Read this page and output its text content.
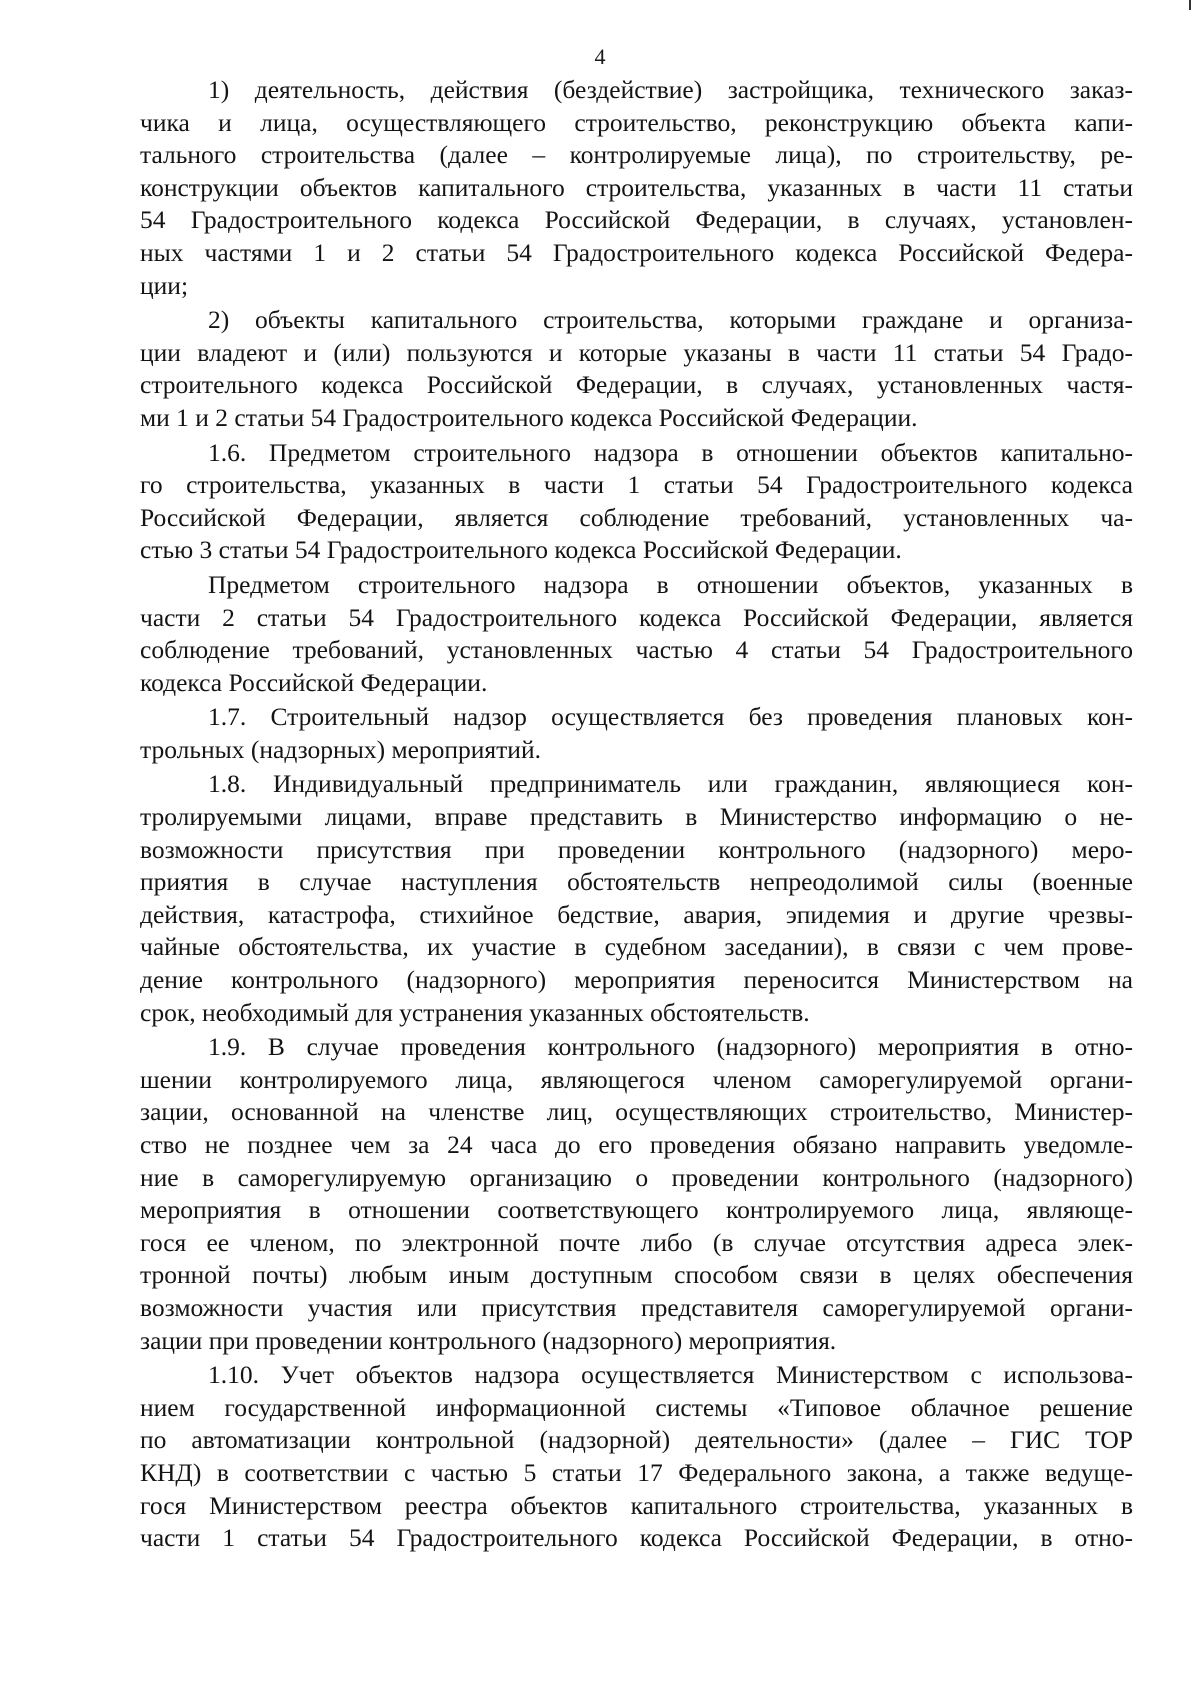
4
1) деятельность, действия (бездействие) застройщика, технического заказ-
чика и лица, осуществляющего строительство, реконструкцию объекта капи-
тального строительства (далее – контролируемые лица), по строительству, ре-
конструкции объектов капитального строительства, указанных в части 11 статьи
54 Градостроительного кодекса Российской Федерации, в случаях, установлен-
ных частями 1 и 2 статьи 54 Градостроительного кодекса Российской Федера-
ции;
2) объекты капитального строительства, которыми граждане и организа-
ции владеют и (или) пользуются и которые указаны в части 11 статьи 54 Градо-
строительного кодекса Российской Федерации, в случаях, установленных частя-
ми 1 и 2 статьи 54 Градостроительного кодекса Российской Федерации.
1.6. Предметом строительного надзора в отношении объектов капитально-
го строительства, указанных в части 1 статьи 54 Градостроительного кодекса
Российской Федерации, является соблюдение требований, установленных ча-
стью 3 статьи 54 Градостроительного кодекса Российской Федерации.
Предметом строительного надзора в отношении объектов, указанных в
части 2 статьи 54 Градостроительного кодекса Российской Федерации, является
соблюдение требований, установленных частью 4 статьи 54 Градостроительного
кодекса Российской Федерации.
1.7. Строительный надзор осуществляется без проведения плановых кон-
трольных (надзорных) мероприятий.
1.8. Индивидуальный предприниматель или гражданин, являющиеся кон-
тролируемыми лицами, вправе представить в Министерство информацию о не-
возможности присутствия при проведении контрольного (надзорного) меро-
приятия в случае наступления обстоятельств непреодолимой силы (военные
действия, катастрофа, стихийное бедствие, авария, эпидемия и другие чрезвы-
чайные обстоятельства, их участие в судебном заседании), в связи с чем прове-
дение контрольного (надзорного) мероприятия переносится Министерством на
срок, необходимый для устранения указанных обстоятельств.
1.9. В случае проведения контрольного (надзорного) мероприятия в отно-
шении контролируемого лица, являющегося членом саморегулируемой органи-
зации, основанной на членстве лиц, осуществляющих строительство, Министер-
ство не позднее чем за 24 часа до его проведения обязано направить уведомле-
ние в саморегулируемую организацию о проведении контрольного (надзорного)
мероприятия в отношении соответствующего контролируемого лица, являюще-
гося ее членом, по электронной почте либо (в случае отсутствия адреса элек-
тронной почты) любым иным доступным способом связи в целях обеспечения
возможности участия или присутствия представителя саморегулируемой органи-
зации при проведении контрольного (надзорного) мероприятия.
1.10. Учет объектов надзора осуществляется Министерством с использова-
нием государственной информационной системы «Типовое облачное решение
по автоматизации контрольной (надзорной) деятельности» (далее – ГИС ТОР
КНД) в соответствии с частью 5 статьи 17 Федерального закона, а также ведуще-
гося Министерством реестра объектов капитального строительства, указанных в
части 1 статьи 54 Градостроительного кодекса Российской Федерации, в отно-
